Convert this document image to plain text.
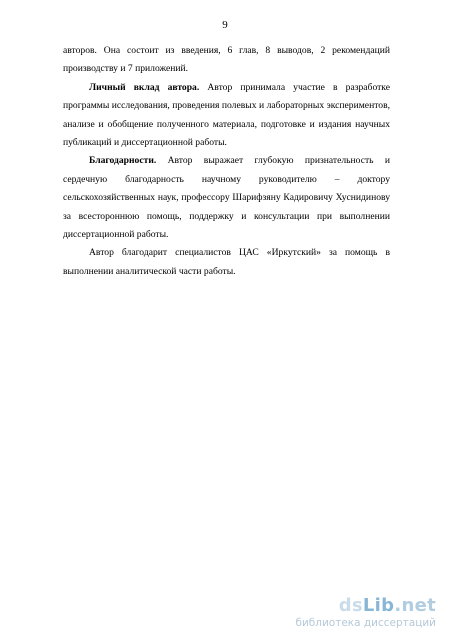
9

авторов. Она состоит из введения, 6 глав, 8 выводов, 2 рекомендаций производству и 7 приложений.

Личный вклад автора. Автор принимала участие в разработке программы исследования, проведения полевых и лабораторных экспериментов, анализе и обобщение полученного материала, подготовке и издания научных публикаций и диссертационной работы.

Благодарности. Автор выражает глубокую признательность и сердечную благодарность научному руководителю – доктору сельскохозяйственных наук, профессору Шарифзяну Кадировичу Хуснидинову за всестороннюю помощь, поддержку и консультации при выполнении диссертационной работы.

Автор благодарит специалистов ЦАС «Иркутский» за помощь в выполнении аналитической части работы.

dsLib.net
библиотека диссертаций
